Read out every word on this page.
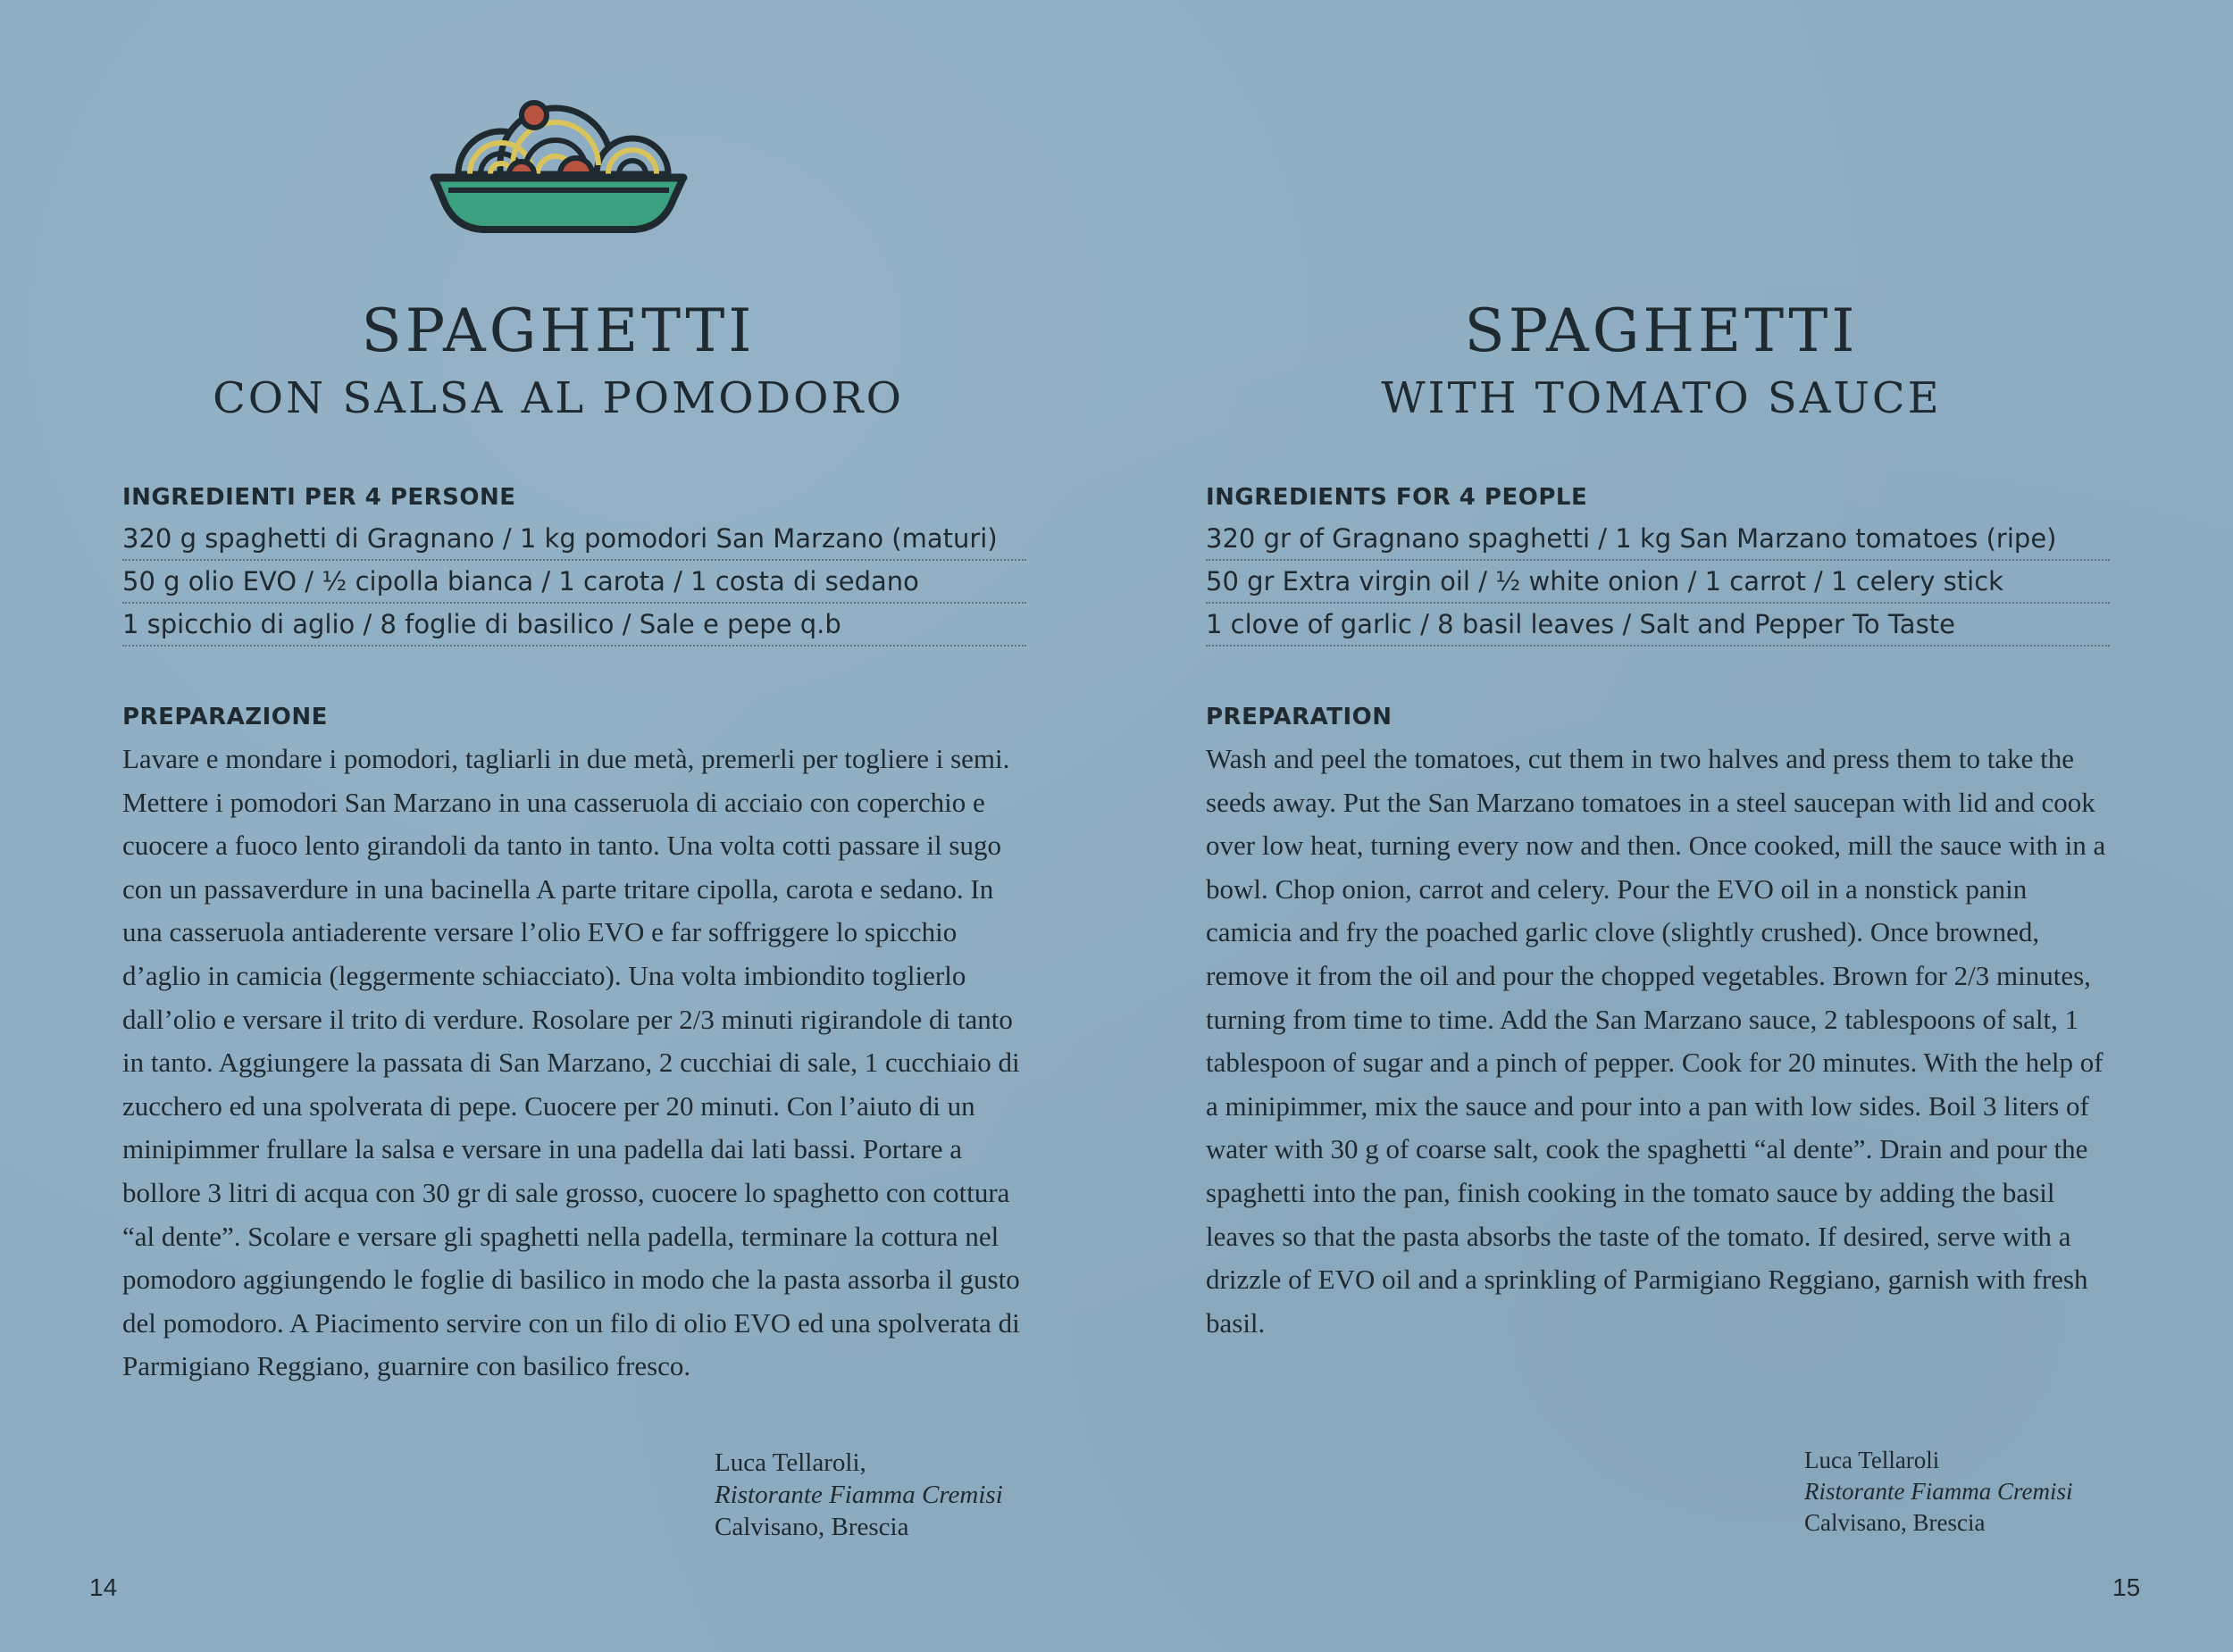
SPAGHETTI
CON SALSA AL POMODORO
INGREDIENTI PER 4 PERSONE
320 g spaghetti di Gragnano / 1 kg pomodori San Marzano (maturi)
50 g olio EVO / ½ cipolla bianca / 1 carota / 1 costa di sedano
1 spicchio di aglio / 8 foglie di basilico / Sale e pepe q.b
PREPARAZIONE

Lavare e mondare i pomodori, tagliarli in due metà, premerli per togliere i semi. Mettere i pomodori San Marzano in una casseruola di acciaio con coperchio e cuocere a fuoco lento girandoli da tanto in tanto. Una volta cotti passare il sugo con un passaverdure in una bacinella A parte tritare cipolla, carota e sedano. In una casseruola antiaderente versare l’olio EVO e far soffriggere lo spicchio d’aglio in camicia (leggermente schiacciato). Una volta imbiondito toglierlo dall’olio e versare il trito di verdure. Rosolare per 2/3 minuti rigirandole di tanto in tanto. Aggiungere la passata di San Marzano, 2 cucchiai di sale, 1 cucchiaio di zucchero ed una spolverata di pepe. Cuocere per 20 minuti. Con l’aiuto di un minipimmer frullare la salsa e versare in una padella dai lati bassi. Portare a bollore 3 litri di acqua con 30 gr di sale grosso, cuocere lo spaghetto con cottura “al dente”. Scolare e versare gli spaghetti nella padella, terminare la cottura nel pomodoro aggiungendo le foglie di basilico in modo che la pasta assorba il gusto del pomodoro. A Piacimento servire con un filo di olio EVO ed una spolverata di Parmigiano Reggiano, guarnire con basilico fresco.

Luca Tellaroli,
Ristorante Fiamma Cremisi
Calvisano, Brescia
14
SPAGHETTI
WITH TOMATO SAUCE
INGREDIENTS FOR 4 PEOPLE
320 gr of Gragnano spaghetti / 1 kg San Marzano tomatoes (ripe)
50 gr Extra virgin oil / ½ white onion / 1 carrot / 1 celery stick
1 clove of garlic / 8 basil leaves / Salt and Pepper To Taste
PREPARATION

Wash and peel the tomatoes, cut them in two halves and press them to take the seeds away. Put the San Marzano tomatoes in a steel saucepan with lid and cook over low heat, turning every now and then. Once cooked, mill the sauce with in a bowl. Chop onion, carrot and celery. Pour the EVO oil in a nonstick panin camicia and fry the poached garlic clove (slightly crushed). Once browned, remove it from the oil and pour the chopped vegetables. Brown for 2/3 minutes, turning from time to time. Add the San Marzano sauce, 2 tablespoons of salt, 1 tablespoon of sugar and a pinch of pepper. Cook for 20 minutes. With the help of a minipimmer, mix the sauce and pour into a pan with low sides. Boil 3 liters of water with 30 g of coarse salt, cook the spaghetti “al dente”. Drain and pour the spaghetti into the pan, finish cooking in the tomato sauce by adding the basil leaves so that the pasta absorbs the taste of the tomato. If desired, serve with a drizzle of EVO oil and a sprinkling of Parmigiano Reggiano, garnish with fresh basil.

Luca Tellaroli
Ristorante Fiamma Cremisi
Calvisano, Brescia
15
